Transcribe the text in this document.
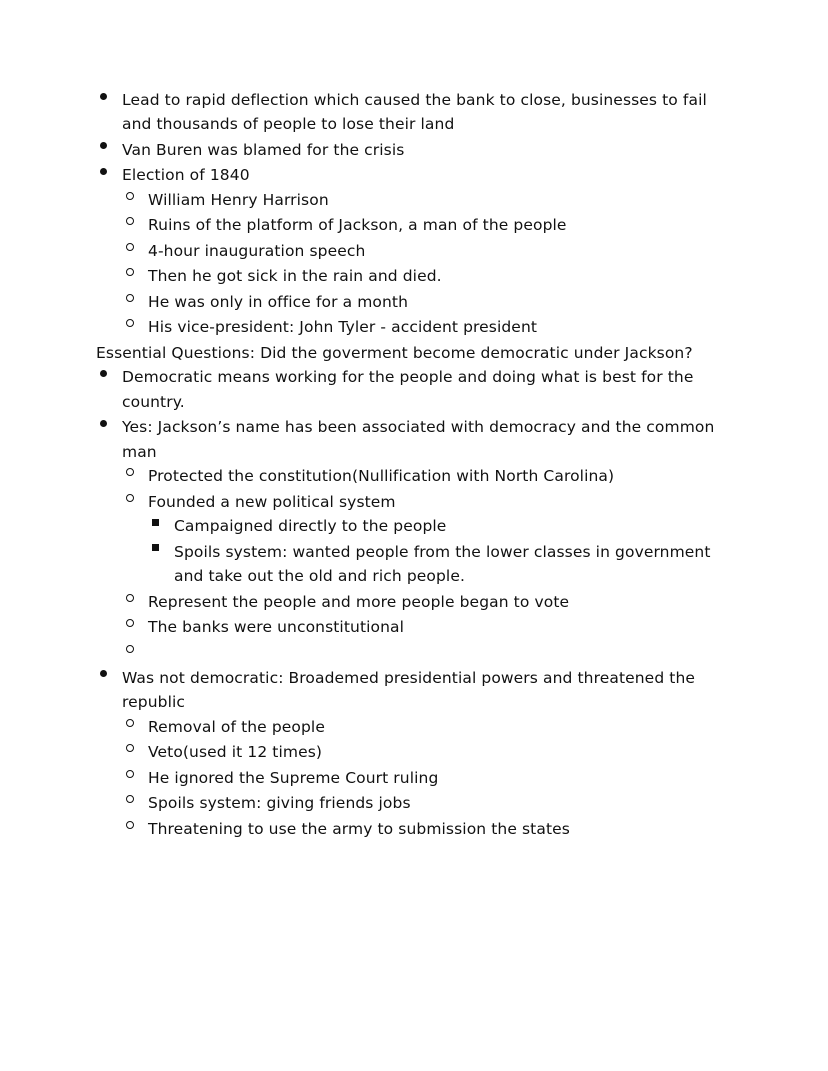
Lead to rapid deflection which caused the bank to close, businesses to fail and thousands of people to lose their land
Van Buren was blamed for the crisis
Election of 1840
William Henry Harrison
Ruins of the platform of Jackson, a man of the people
4-hour inauguration speech
Then he got sick in the rain and died.
He was only in office for a month
His vice-president: John Tyler - accident president

Essential Questions: Did the goverment become democratic under Jackson?

Democratic means working for the people and doing what is best for the country.
Yes: Jackson’s name has been associated with democracy and the common man
Protected the constitution(Nullification with North Carolina)
Founded a new political system
Campaigned directly to the people
Spoils system: wanted people from the lower classes in government and take out the old and rich people.
Represent the people and more people began to vote
The banks were unconstitutional
Was not democratic: Broademed presidential powers and threatened the republic
Removal of the people
Veto(used it 12 times)
He ignored the Supreme Court ruling
Spoils system: giving friends jobs
Threatening to use the army to submission the states
